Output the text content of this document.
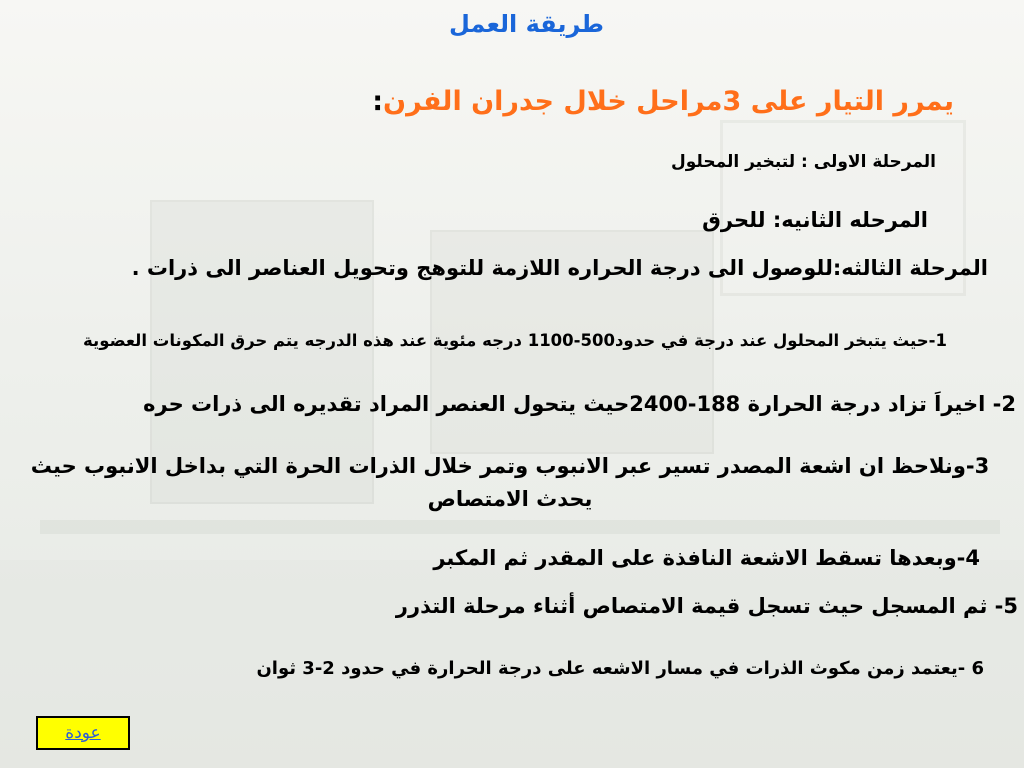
طريقة العمل
يمرر التيار على 3مراحل خلال جدران الفرن:
المرحلة الاولى : لتبخير المحلول
المرحله الثانيه: للحرق
المرحلة الثالثه:للوصول الى درجة الحراره اللازمة للتوهج وتحويل العناصر الى ذرات .
1-حيث يتبخر المحلول عند درجة في حدود500-1100 درجه مئوية عند هذه الدرجه يتم حرق المكونات العضوية
2- اخيراَ تزاد درجة الحرارة 188-2400حيث يتحول العنصر المراد تقديره الى ذرات حره
3-ونلاحظ ان اشعة المصدر تسير عبر الانبوب وتمر خلال الذرات الحرة التي بداخل الانبوب حيث يحدث الامتصاص
4-وبعدها تسقط الاشعة النافذة على المقدر ثم المكبر
5- ثم المسجل حيث تسجل قيمة الامتصاص أثناء مرحلة التذرر
6 -يعتمد زمن مكوث الذرات في مسار الاشعه على درجة الحرارة في حدود 2-3 ثوان
عودة
